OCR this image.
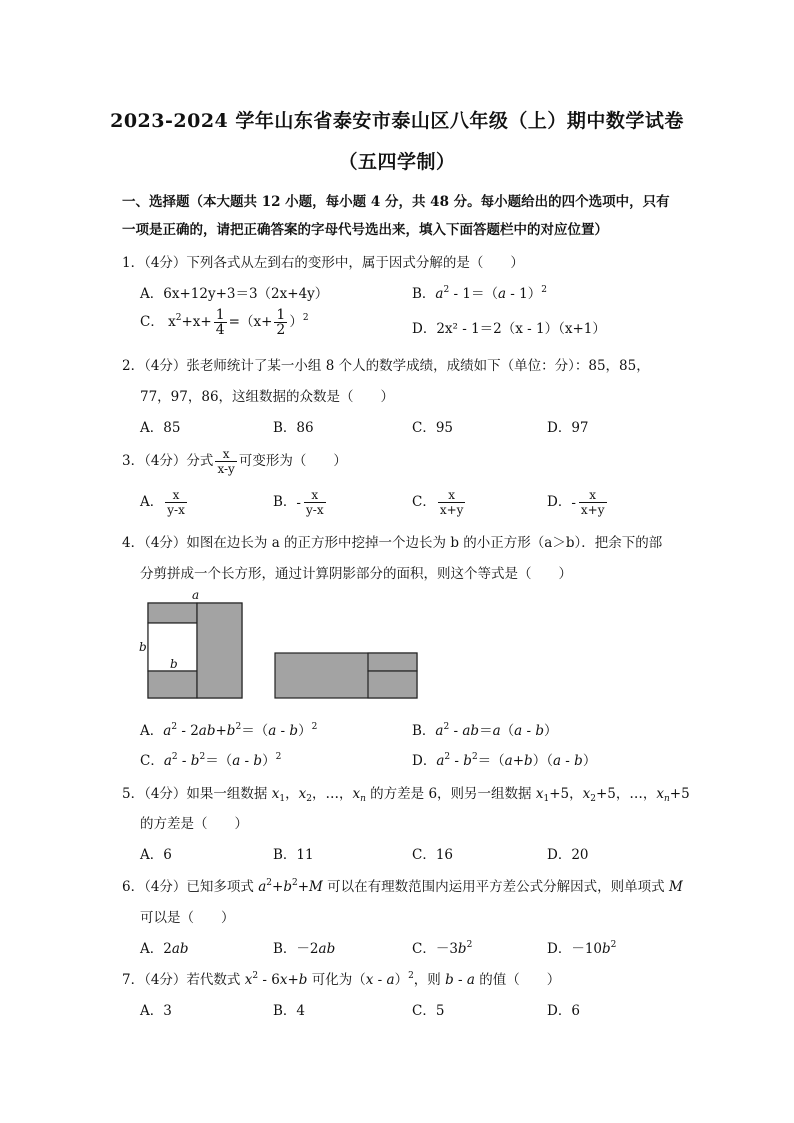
2023-2024 学年山东省泰安市泰山区八年级（上）期中数学试卷
（五四学制）
一、选择题（本大题共 12 小题，每小题 4 分，共 48 分。每小题给出的四个选项中，只有
一项是正确的，请把正确答案的字母代号选出来，填入下面答题栏中的对应位置）
1．（4分）下列各式从左到右的变形中，属于因式分解的是（　　）
A．6x+12y+3＝3（2x+4y）	B．$a^2 - 1=(a - 1)^2$
C． $x^2+x+ \frac{1}{4} =(x+ \frac{1}{2} )^2$
D．2x² - 1＝2（x - 1）（x+1）
2．（4分）张老师统计了某一小组 8 个人的数学成绩，成绩如下（单位：分）：85，85，
77，97，86，这组数据的众数是（　　）
A．85	B．86	C．95	D．97
3．（4分）分式 $\frac{x}{x-y}$ 可变形为（　　）
A． $\frac{x}{y-x}$	B．- $\frac{x}{y-x}$	C． $\frac{x}{x+y}$	D．- $\frac{x}{x+y}$
4．（4分）如图在边长为 a 的正方形中挖掉一个边长为 b 的小正方形（a＞b）．把余下的部
分剪拼成一个长方形，通过计算阴影部分的面积，则这个等式是（　　）
a
b
b
A．$a^2 - 2ab+b^2=(a - b)^2$	B．$a^2 - ab=a(a - b)$
C．$a^2 - b^2=(a - b)^2$	D．$a^2 - b^2=(a+b)(a - b)$
5．（4分）如果一组数据 $x_1$，$x_2$，…，$x_n$ 的方差是 6，则另一组数据 $x_1+5$，$x_2+5$，…，$x_n+5$
的方差是（　　）
A．6	B．11	C．16	D．20
6．（4分）已知多项式 $a^2+b^2+M$ 可以在有理数范围内运用平方差公式分解因式，则单项式 M
可以是（　　）
A．2ab	B．－2ab	C．$-3b^2$	D．$-10b^2$
7．（4分）若代数式 $x^2 - 6x+b$ 可化为（x - a）$^2$，则 b - a 的值（　　）
A．3	B．4	C．5	D．6
